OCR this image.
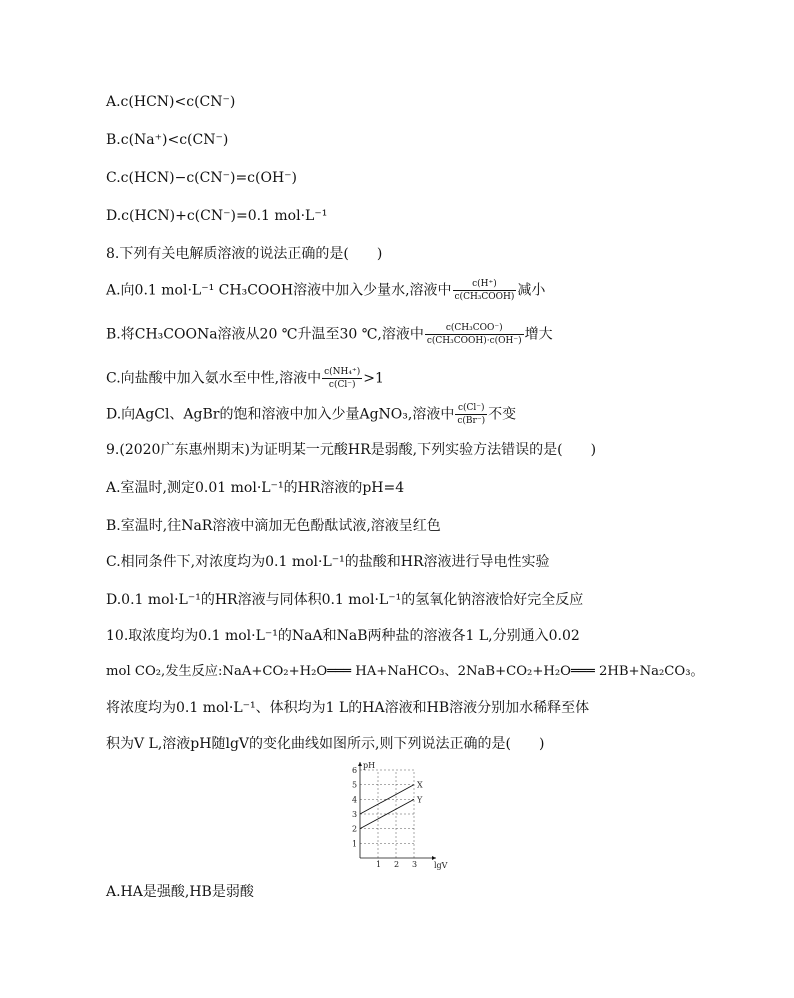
A.c(HCN)<c(CN⁻)
B.c(Na⁺)<c(CN⁻)
C.c(HCN)−c(CN⁻)=c(OH⁻)
D.c(HCN)+c(CN⁻)=0.1 mol·L⁻¹
8.下列有关电解质溶液的说法正确的是(　　)
A.向0.1 mol·L⁻¹ CH₃COOH溶液中加入少量水,溶液中 $\frac{c(H^+)}{\text{c(CH₃COOH)}}$ 减小
B.将CH₃COONa溶液从20 ℃升温至30 ℃,溶液中 $\frac{\text{c(CH₃COO⁻)}}{\text{c(CH₃COOH)·c(OH⁻)}}$ 增大
C.向盐酸中加入氨水至中性,溶液中 $\frac{\text{c(NH₄⁺)}}{c(Cl^-)} >1$
D.向AgCl、AgBr的饱和溶液中加入少量AgNO₃,溶液中 $\frac{c(Cl^-)}{c(Br^-)}$ 不变
9.(2020广东惠州期末)为证明某一元酸HR是弱酸,下列实验方法错误的是(　　)
A.室温时,测定0.01 mol·L⁻¹的HR溶液的pH=4
B.室温时,往NaR溶液中滴加无色酚酞试液,溶液呈红色
C.相同条件下,对浓度均为0.1 mol·L⁻¹的盐酸和HR溶液进行导电性实验
D.0.1 mol·L⁻¹的HR溶液与同体积0.1 mol·L⁻¹的氢氧化钠溶液恰好完全反应
10.取浓度均为0.1 mol·L⁻¹的NaA和NaB两种盐的溶液各1 L,分别通入0.02
mol CO₂,发生反应:NaA+CO₂+H₂O═══ HA+NaHCO₃、2NaB+CO₂+H₂O═══ 2HB+Na₂CO₃。
将浓度均为0.1 mol·L⁻¹、体积均为1 L的HA溶液和HB溶液分别加水稀释至体
积为V L,溶液pH随lgV的变化曲线如图所示,则下列说法正确的是(　　)
1
2
3
4
5
6
1 2 3 lgV
pH
X
Y
A.HA是强酸,HB是弱酸
